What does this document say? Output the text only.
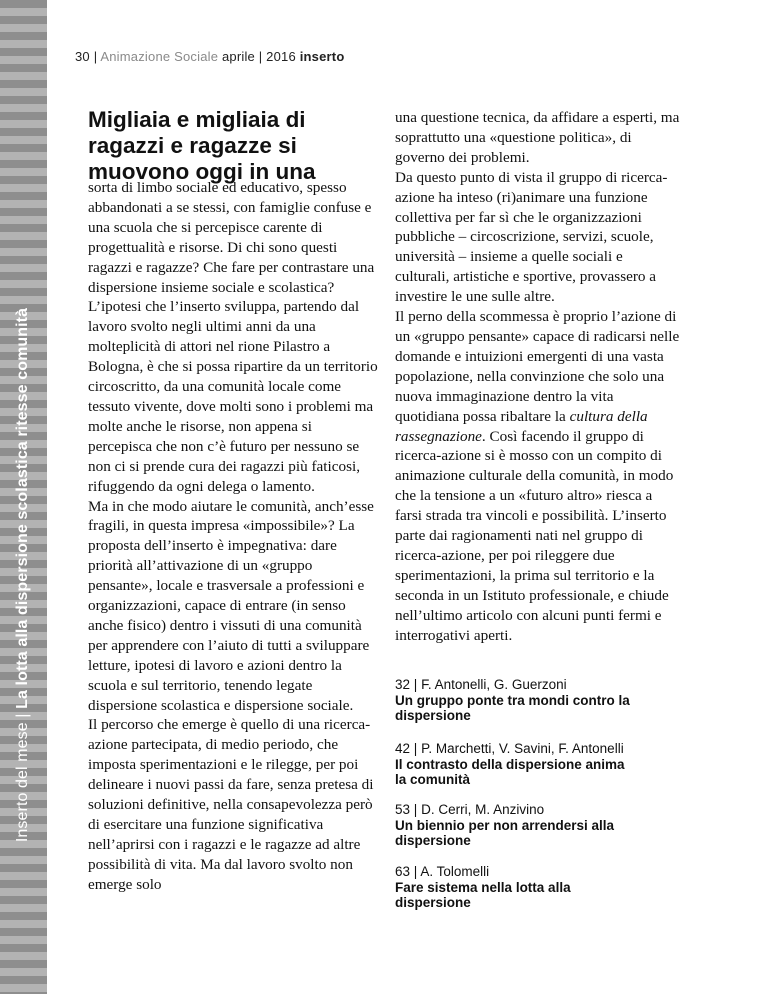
Inserto del mese | La lotta alla dispersione scolastica ritesse comunità
30 | Animazione Sociale aprile | 2016 inserto
Migliaia e migliaia di ragazzi e ragazze si muovono oggi in una

sorta di limbo sociale ed educativo, spesso abbandonati a se stessi, con famiglie confuse e una scuola che si percepisce carente di progettualità e risorse. Di chi sono questi ragazzi e ragazze? Che fare per contrastare una dispersione insieme sociale e scolastica?

L’ipotesi che l’inserto sviluppa, partendo dal lavoro svolto negli ultimi anni da una molteplicità di attori nel rione Pilastro a Bologna, è che si possa ripartire da un territorio circoscritto, da una comunità locale come tessuto vivente, dove molti sono i problemi ma molte anche le risorse, non appena si percepisca che non c’è futuro per nessuno se non ci si prende cura dei ragazzi più faticosi, rifuggendo da ogni delega o lamento.

Ma in che modo aiutare le comunità, anch’esse fragili, in questa impresa «impossibile»? La proposta dell’inserto è impegnativa: dare priorità all’attivazione di un «gruppo pensante», locale e trasversale a professioni e organizzazioni, capace di entrare (in senso anche fisico) dentro i vissuti di una comunità per apprendere con l’aiuto di tutti a sviluppare letture, ipotesi di lavoro e azioni dentro la scuola e sul territorio, tenendo legate dispersione scolastica e dispersione sociale.

Il percorso che emerge è quello di una ricerca-azione partecipata, di medio periodo, che imposta sperimentazioni e le rilegge, per poi delineare i nuovi passi da fare, senza pretesa di soluzioni definitive, nella consapevolezza però di esercitare una funzione significativa nell’aprirsi con i ragazzi e le ragazze ad altre possibilità di vita. Ma dal lavoro svolto non emerge solo

una questione tecnica, da affidare a esperti, ma soprattutto una «questione politica», di governo dei problemi.

Da questo punto di vista il gruppo di ricerca-azione ha inteso (ri)animare una funzione collettiva per far sì che le organizzazioni pubbliche – circoscrizione, servizi, scuole, università – insieme a quelle sociali e culturali, artistiche e sportive, provassero a investire le une sulle altre.

Il perno della scommessa è proprio l’azione di un «gruppo pensante» capace di radicarsi nelle domande e intuizioni emergenti di una vasta popolazione, nella convinzione che solo una nuova immaginazione dentro la vita quotidiana possa ribaltare la cultura della rassegnazione. Così facendo il gruppo di ricerca-azione si è mosso con un compito di animazione culturale della comunità, in modo che la tensione a un «futuro altro» riesca a farsi strada tra vincoli e possibilità. L’inserto parte dai ragionamenti nati nel gruppo di ricerca-azione, per poi rileggere due sperimentazioni, la prima sul territorio e la seconda in un Istituto professionale, e chiude nell’ultimo articolo con alcuni punti fermi e interrogativi aperti.

32 | F. Antonelli, G. Guerzoni
Un gruppo ponte tra mondi contro la dispersione
42 | P. Marchetti, V. Savini, F. Antonelli
Il contrasto della dispersione anima la comunità
53 | D. Cerri, M. Anzivino
Un biennio per non arrendersi alla dispersione
63 | A. Tolomelli
Fare sistema nella lotta alla dispersione
